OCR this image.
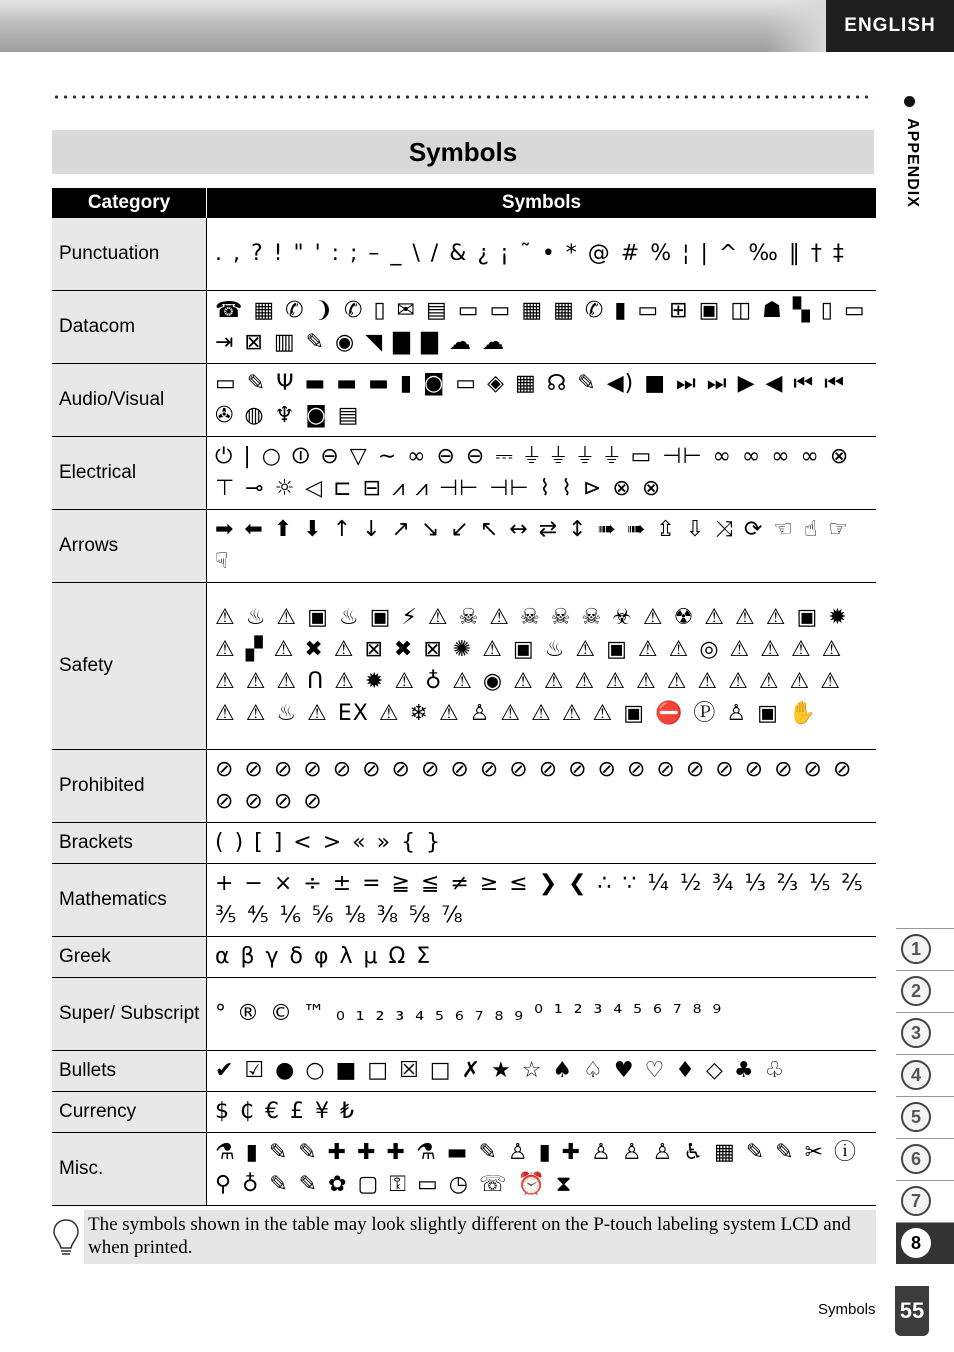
ENGLISH
APPENDIX
Symbols
Category	Symbols
Punctuation	. , ? ! " ' : ; – _ \ / & ¿ ¡ ˜ • * @ # % ¦ | ^ ‰ ‖ † ‡
Datacom	☎ ▦ ✆ ❩ ✆ ▯ ✉ ▤ ▭ ▭ ▦ ▦ ✆ ▮ ▭ ⊞ ▣ ◫ ☗ ▚ ▯ ▭ ⇥ ⊠ ▥ ✎ ◉ ◥ ▇ ▇ ☁ ☁
Audio/Visual	▭ ✎ Ψ ▬ ▬ ▬ ▮ ◙ ▭ ◈ ▦ ☊ ✎ ◀) ■ ⏭ ⏭ ▶ ◀ ⏮ ⏮ ✇ ◍ ♆ ◙ ▤
Electrical	⏻ | ○ ⏼ ⊖ ▽ ∼ ∞ ⊖ ⊖ ⎓ ⏚ ⏚ ⏚ ⏚ ▭ ⊣⊢ ∞ ∞ ∞ ∞ ⊗ ⊤ ⊸ ☼ ◁ ⊏ ⊟ ⩘ ⩘ ⊣⊢ ⊣⊢ ⌇ ⌇ ⊳ ⊗ ⊗
Arrows	➡ ⬅ ⬆ ⬇ ↑ ↓ ↗ ↘ ↙ ↖ ↔ ⇄ ↕ ➠ ➠ ⇫ ⇩ ⤨ ⟳ ☜ ☝ ☞ ☟
Safety	⚠ ♨ ⚠ ▣ ♨ ▣ ⚡ ⚠ ☠ ⚠ ☠ ☠ ☠ ☣ ⚠ ☢ ⚠ ⚠ ⚠ ▣ ✹ ⚠ ▞ ⚠ ✖ ⚠ ⊠ ✖ ⊠ ✺ ⚠ ▣ ♨ ⚠ ▣ ⚠ ⚠ ◎ ⚠ ⚠ ⚠ ⚠ ⚠ ⚠ ⚠ Ո ⚠ ✹ ⚠ ♁ ⚠ ◉ ⚠ ⚠ ⚠ ⚠ ⚠ ⚠ ⚠ ⚠ ⚠ ⚠ ⚠ ⚠ ⚠ ♨ ⚠ EX ⚠ ❄ ⚠ ♙ ⚠ ⚠ ⚠ ⚠ ▣ ⛔ Ⓟ ♙ ▣ ✋
Prohibited	⊘ ⊘ ⊘ ⊘ ⊘ ⊘ ⊘ ⊘ ⊘ ⊘ ⊘ ⊘ ⊘ ⊘ ⊘ ⊘ ⊘ ⊘ ⊘ ⊘ ⊘ ⊘ ⊘ ⊘ ⊘ ⊘
Brackets	( ) [ ] < > « » { }
Mathematics	+ − × ÷ ± = ≧ ≦ ≠ ≥ ≤ ❯ ❮ ∴ ∵ ¼ ½ ¾ ⅓ ⅔ ⅕ ⅖ ⅗ ⅘ ⅙ ⅚ ⅛ ⅜ ⅝ ⅞
Greek	α β γ δ φ λ μ Ω Σ
Super/ Subscript	° ® © ™ ₀ ₁ ₂ ₃ ₄ ₅ ₆ ₇ ₈ ₉ ⁰ ¹ ² ³ ⁴ ⁵ ⁶ ⁷ ⁸ ⁹
Bullets	✔ ☑ ● ○ ■ □ ☒ □ ✗ ★ ☆ ♠ ♤ ♥ ♡ ♦ ◇ ♣ ♧
Currency	$ ₵ € £ ¥ ₺
Misc.	⚗ ▮ ✎ ✎ ✚ ✚ ✚ ⚗ ▬ ✎ ♙ ▮ ✚ ♙ ♙ ♙ ♿ ▦ ✎ ✎ ✂ ⓘ ⚲ ♁ ✎ ✎ ✿ ▢ ⚿ ▭ ◷ ☏ ⏰ ⧗
The symbols shown in the table may look slightly different on the P-touch labeling system LCD and when printed.
1
2
3
4
5
6
7
8
Symbols 55
